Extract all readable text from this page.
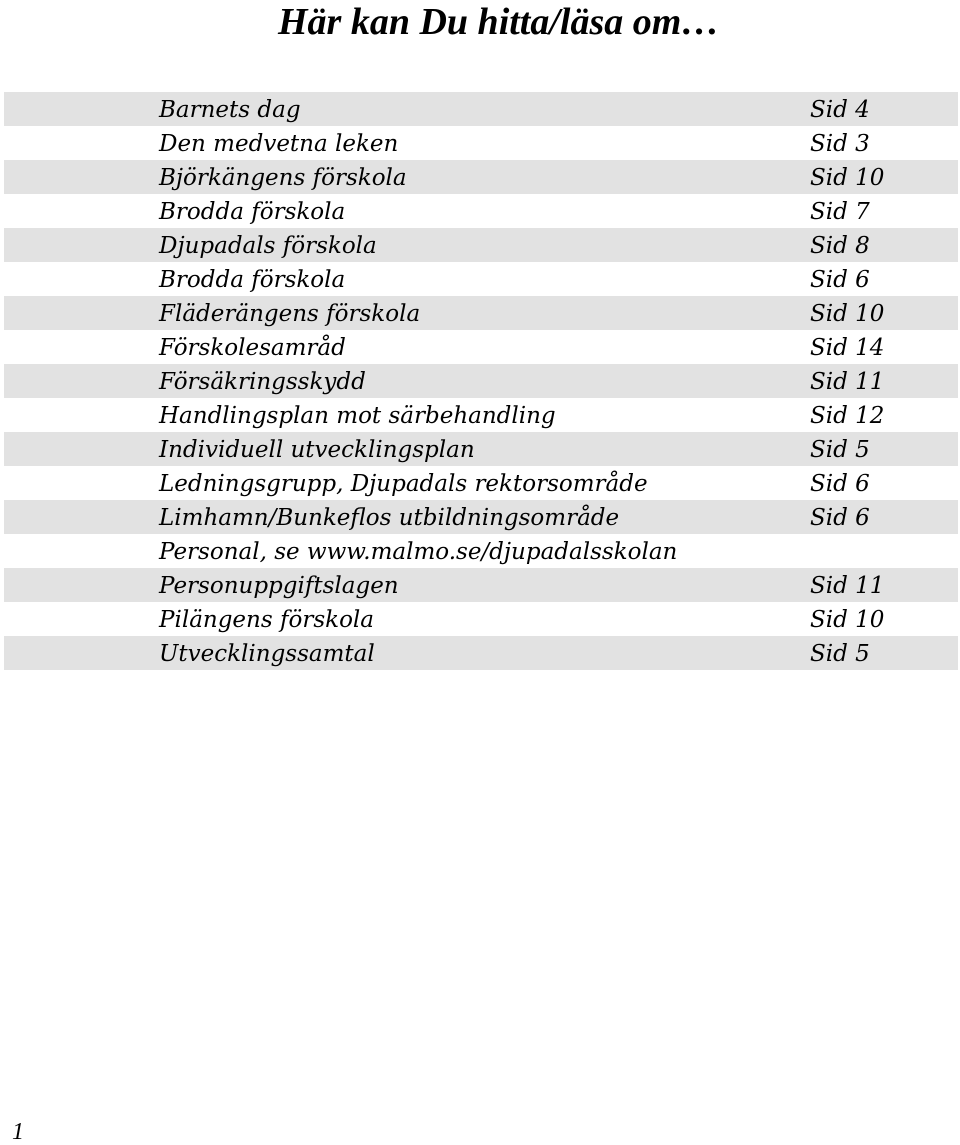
Här kan Du hitta/läsa om…
Barnets dag	Sid 4
Den medvetna leken	Sid 3
Björkängens förskola	Sid 10
Brodda förskola	Sid 7
Djupadals förskola	Sid 8
Brodda förskola	Sid 6
Fläderängens förskola	Sid 10
Förskolesamråd	Sid 14
Försäkringsskydd	Sid 11
Handlingsplan mot särbehandling	Sid 12
Individuell utvecklingsplan	Sid 5
Ledningsgrupp, Djupadals rektorsområde	Sid 6
Limhamn/Bunkeflos utbildningsområde	Sid 6
Personal, se www.malmo.se/djupadalsskolan
Personuppgiftslagen	Sid 11
Pilängens förskola	Sid 10
Utvecklingssamtal	Sid 5
1
